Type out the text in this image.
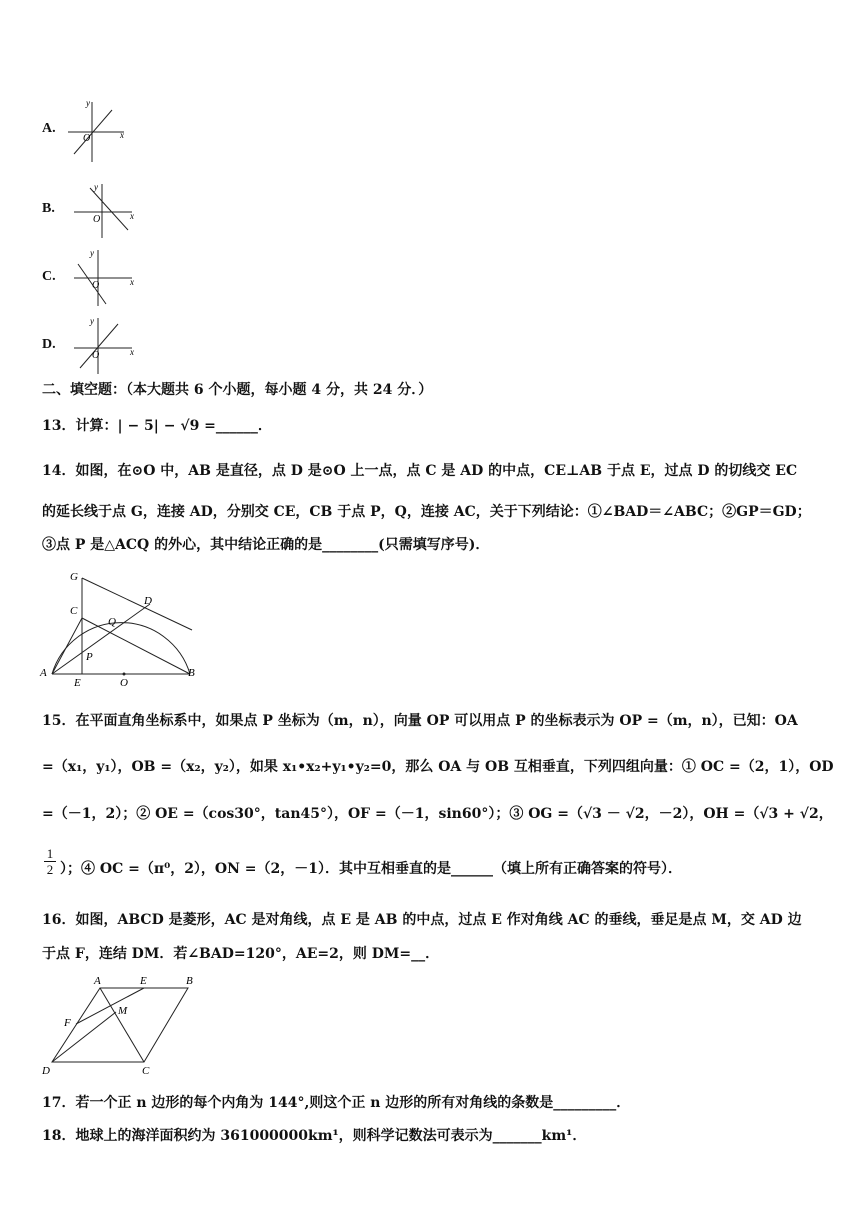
A.
y
x
O
B.
y
x
O
C.
y
x
O
D.
y
x
O
二、填空题：（本大题共 6 个小题，每小题 4 分，共 24 分．）
13．计算：| − 5| − √9 =______．
14．如图，在⊙O 中，AB 是直径，点 D 是⊙O 上一点，点 C 是 AD 的中点，CE⊥AB 于点 E，过点 D 的切线交 EC
的延长线于点 G，连接 AD，分别交 CE，CB 于点 P，Q，连接 AC，关于下列结论：①∠BAD＝∠ABC；②GP＝GD；
③点 P 是△ACQ 的外心，其中结论正确的是________(只需填写序号)．
G
C
D
Q
P
A
E	O
B
15．在平面直角坐标系中，如果点 P 坐标为（m，n），向量 OP 可以用点 P 的坐标表示为 OP =（m，n），已知：OA
=（x₁，y₁），OB =（x₂，y₂），如果 x₁•x₂+y₁•y₂=0，那么 OA 与 OB 互相垂直，下列四组向量：① OC =（2，1），OD
=（－1，2）；② OE =（cos30°，tan45°），OF =（－1，sin60°）；③ OG =（√3 － √2，－2），OH =（√3 + √2，
1
2 ）；④ OC =（π⁰，2），ON =（2，－1）．其中互相垂直的是______（填上所有正确答案的符号）．
16．如图，ABCD 是菱形，AC 是对角线，点 E 是 AB 的中点，过点 E 作对角线 AC 的垂线，垂足是点 M，交 AD 边
于点 F，连结 DM．若∠BAD=120°，AE=2，则 DM=__．
A	E	B
F
M
D	C
17．若一个正 n 边形的每个内角为 144°,则这个正 n 边形的所有对角线的条数是_________．
18．地球上的海洋面积约为 361000000km¹，则科学记数法可表示为_______km¹．
